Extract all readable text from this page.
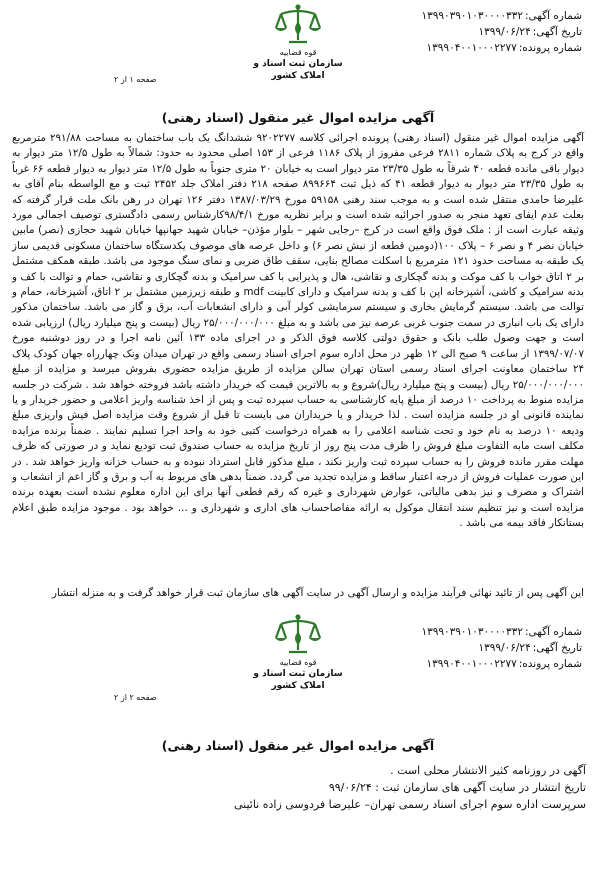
شماره آگهی:۱۳۹۹۰۳۹۰۱۰۳۰۰۰۰۳۳۲
تاریخ آگهی:۱۳۹۹/۰۶/۲۴
شماره پرونده:۱۳۹۹۰۴۰۰۱۰۰۰۲۲۷۷
قوه قضاییه
سازمان ثبت اسناد و املاک کشور
صفحه ۱ از ۲
آگهی مزایده اموال غیر منقول (اسناد رهنی)

آگهی مزایده اموال غیر منقول (اسناد رهنی) پرونده اجرائی کلاسه ۹۲۰۲۲۷۷ ششدانگ یک باب ساختمان به مساحت ۲۹۱/۸۸ مترمربع واقع در کرج به پلاک شماره ۲۸۱۱ فرعی مفروز از پلاک ۱۱۸۶ فرعی از ۱۵۳ اصلی محدود به حدود: شمالاً به طول ۱۲/۵ متر دیوار به دیوار باقی مانده قطعه ۴۰ شرقاً به طول ۲۳/۳۵ متر دیوار است به خیابان ۲۰ متری جنوباً به طول ۱۲/۵ متر دیوار به دیوار قطعه ۶۶ غرباً به طول ۲۳/۳۵ متر دیوار به دیوار قطعه ۴۱ که ذیل ثبت ۸۹۹۶۶۴ صفحه ۲۱۸ دفتر املاک جلد ۲۴۵۲ ثبت و مع الواسطه بنام آقای به علیرضا حامدی منتقل شده است و به موجب سند رهنی ۵۹۱۵۸ مورخ ۱۳۸۷/۰۳/۲۹ دفتر ۱۲۶ تهران در رهن بانک ملت قرار گرفته که بعلت عدم ایفای تعهد منجر به صدور اجرائیه شده است و برابر نظریه مورخ ۹۸/۴/۱کارشناس رسمی دادگستری توصیف اجمالی مورد وثیقه عبارت است از : ملک فوق واقع است در کرج –رجایی شهر – بلوار مؤذن– خیابان شهید جهانپها خیابان شهید حجازی (نصر) مابین خیابان نصر ۴ و نصر ۶ – پلاک ۱۰۰(دومین قطعه از نبش نصر ۶) و داخل عرصه های موصوف یکدستگاه ساختمان مسکونی قدیمی ساز یک طبقه به مساحت حدود ۱۲۱ مترمربع با اسکلت مصالح بنایی، سقف طاق ضربی و نمای سنگ موجود می باشد. طبقه همکف مشتمل بر ۲ اتاق خواب با کف موکت و بدنه گچکاری و نقاشی، هال و پذیرایی با کف سرامیک و بدنه گچکاری و نقاشی، حمام و توالت با کف و بدنه سرامیک و کاشی، آشپزخانه اپن با کف و بدنه سرامیک و دارای کابینت mdf و طبقه زیرزمین مشتمل بر ۲ اتاق، آشپزخانه، حمام و توالت می باشد. سیستم گرمایش بخاری و سیستم سرمایشی کولر آبی و دارای انشعابات آب، برق و گاز می باشد. ساختمان مذکور دارای یک باب انباری در سمت جنوب غربی عرصه نیز می باشد و به مبلغ ۲۵/۰۰۰/۰۰۰/۰۰۰ ریال (بیست و پنج میلیارد ریال) ارزیابی شده است و جهت وصول طلب بانک و حقوق دولتی کلاسه فوق الذکر و در اجرای ماده ۱۳۳ آئین نامه اجرا و در روز دوشنبه مورخ ۱۳۹۹/۰۷/۰۷ از ساعت ۹ صبح الی ۱۲ ظهر در محل اداره سوم اجرای اسناد رسمی واقع در تهران میدان ونک چهارراه جهان کودک پلاک ۲۴ ساختمان معاونت اجرای اسناد رسمی استان تهران سالن مزایده از طریق مزایده حضوری بفروش میرسد و مزایده از مبلغ ۲۵/۰۰۰/۰۰۰/۰۰۰ ریال (بیست و پنج میلیارد ریال)شروع و به بالاترین قیمت که خریدار داشته باشد فروخته خواهد شد . شرکت در جلسه مزایده منوط به پرداخت ۱۰ درصد از مبلغ پایه کارشناسی به حساب سپرده ثبت و پس از اخذ شناسه واریز اعلامی و حضور خریدار و یا نماینده قانونی او در جلسه مزایده است . لذا خریدار و یا خریداران می بایست تا قبل از شروع وقت مزایده اصل فیش واریزی مبلغ ودیعه ۱۰ درصد به نام خود و تحت شناسه اعلامی را به همراه درخواست کتبی خود به واحد اجرا تسلیم نمایند . ضمناً برنده مزایده مکلف است مابه التفاوت مبلغ فروش را ظرف مدت پنج روز از تاریخ مزایده به حساب صندوق ثبت تودیع نماید و در صورتی که ظرف مهلت مقرر مانده فروش را به حساب سپرده ثبت واریز نکند ، مبلغ مذکور قابل استرداد نبوده و به حساب خزانه واریز خواهد شد . در این صورت عملیات فروش از درجه اعتبار ساقط و مزایده تجدید می گردد. ضمناً بدهی های مربوط به آب و برق و گاز اعم از انشعاب و اشتراک و مصرف و نیز بدهی مالیاتی، عوارض شهرداری و غیره که رقم قطعی آنها برای این اداره معلوم نشده است بعهده برنده مزایده است و نیز تنظیم سند انتقال موکول به ارائه مفاصاحساب های اداری و شهرداری و ... خواهد بود . موجود مزایده طبق اعلام بستانکار فاقد بیمه می باشد .

این آگهی پس از تائید نهائی فرآیند مزایده و ارسال آگهی در سایت آگهی های سازمان ثبت قرار خواهد گرفت و به منزله انتشار
شماره آگهی:۱۳۹۹۰۳۹۰۱۰۳۰۰۰۰۳۳۲
تاریخ آگهی:۱۳۹۹/۰۶/۲۴
شماره پرونده:۱۳۹۹۰۴۰۰۱۰۰۰۲۲۷۷
قوه قضاییه
سازمان ثبت اسناد و املاک کشور
صفحه ۲ از ۲
آگهی مزایده اموال غیر منقول (اسناد رهنی)
آگهی در روزنامه کثیر الانتشار محلی است .
تاریخ انتشار در سایت آگهی های سازمان ثبت : ۹۹/۰۶/۲۴
سرپرست اداره سوم اجرای اسناد رسمی تهران– علیرضا فردوسی زاده نائینی
